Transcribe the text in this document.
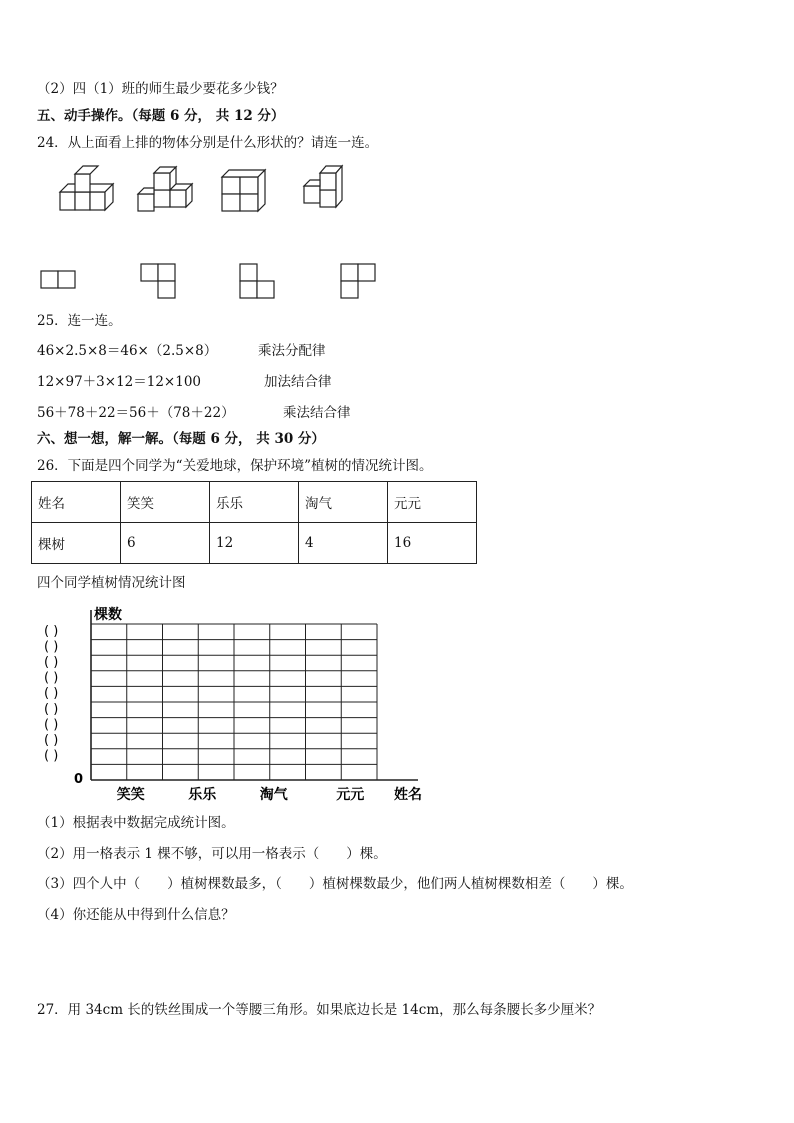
（2）四（1）班的师生最少要花多少钱？
五、动手操作。（每题 6 分， 共 12 分）
24．从上面看上排的物体分别是什么形状的？请连一连。
25．连一连。
46×2.5×8＝46×（2.5×8）	乘法分配律
12×97＋3×12＝12×100	加法结合律
56＋78＋22＝56＋（78＋22）	乘法结合律
六、想一想，解一解。（每题 6 分， 共 30 分）
26．下面是四个同学为“关爱地球，保护环境”植树的情况统计图。
姓名	笑笑	乐乐	淘气	元元
棵树	6	12	4	16
四个同学植树情况统计图
( )
( )
( )
( )
( )
( )
( )
( )
( )
笑笑	乐乐	淘气	元元
棵数
姓名
0
（1）根据表中数据完成统计图。
（2）用一格表示 1 棵不够，可以用一格表示（　　）棵。
（3）四个人中（　　）植树棵数最多，（　　）植树棵数最少，他们两人植树棵数相差（　　）棵。
（4）你还能从中得到什么信息？
27．用 34cm 长的铁丝围成一个等腰三角形。如果底边长是 14cm，那么每条腰长多少厘米？
